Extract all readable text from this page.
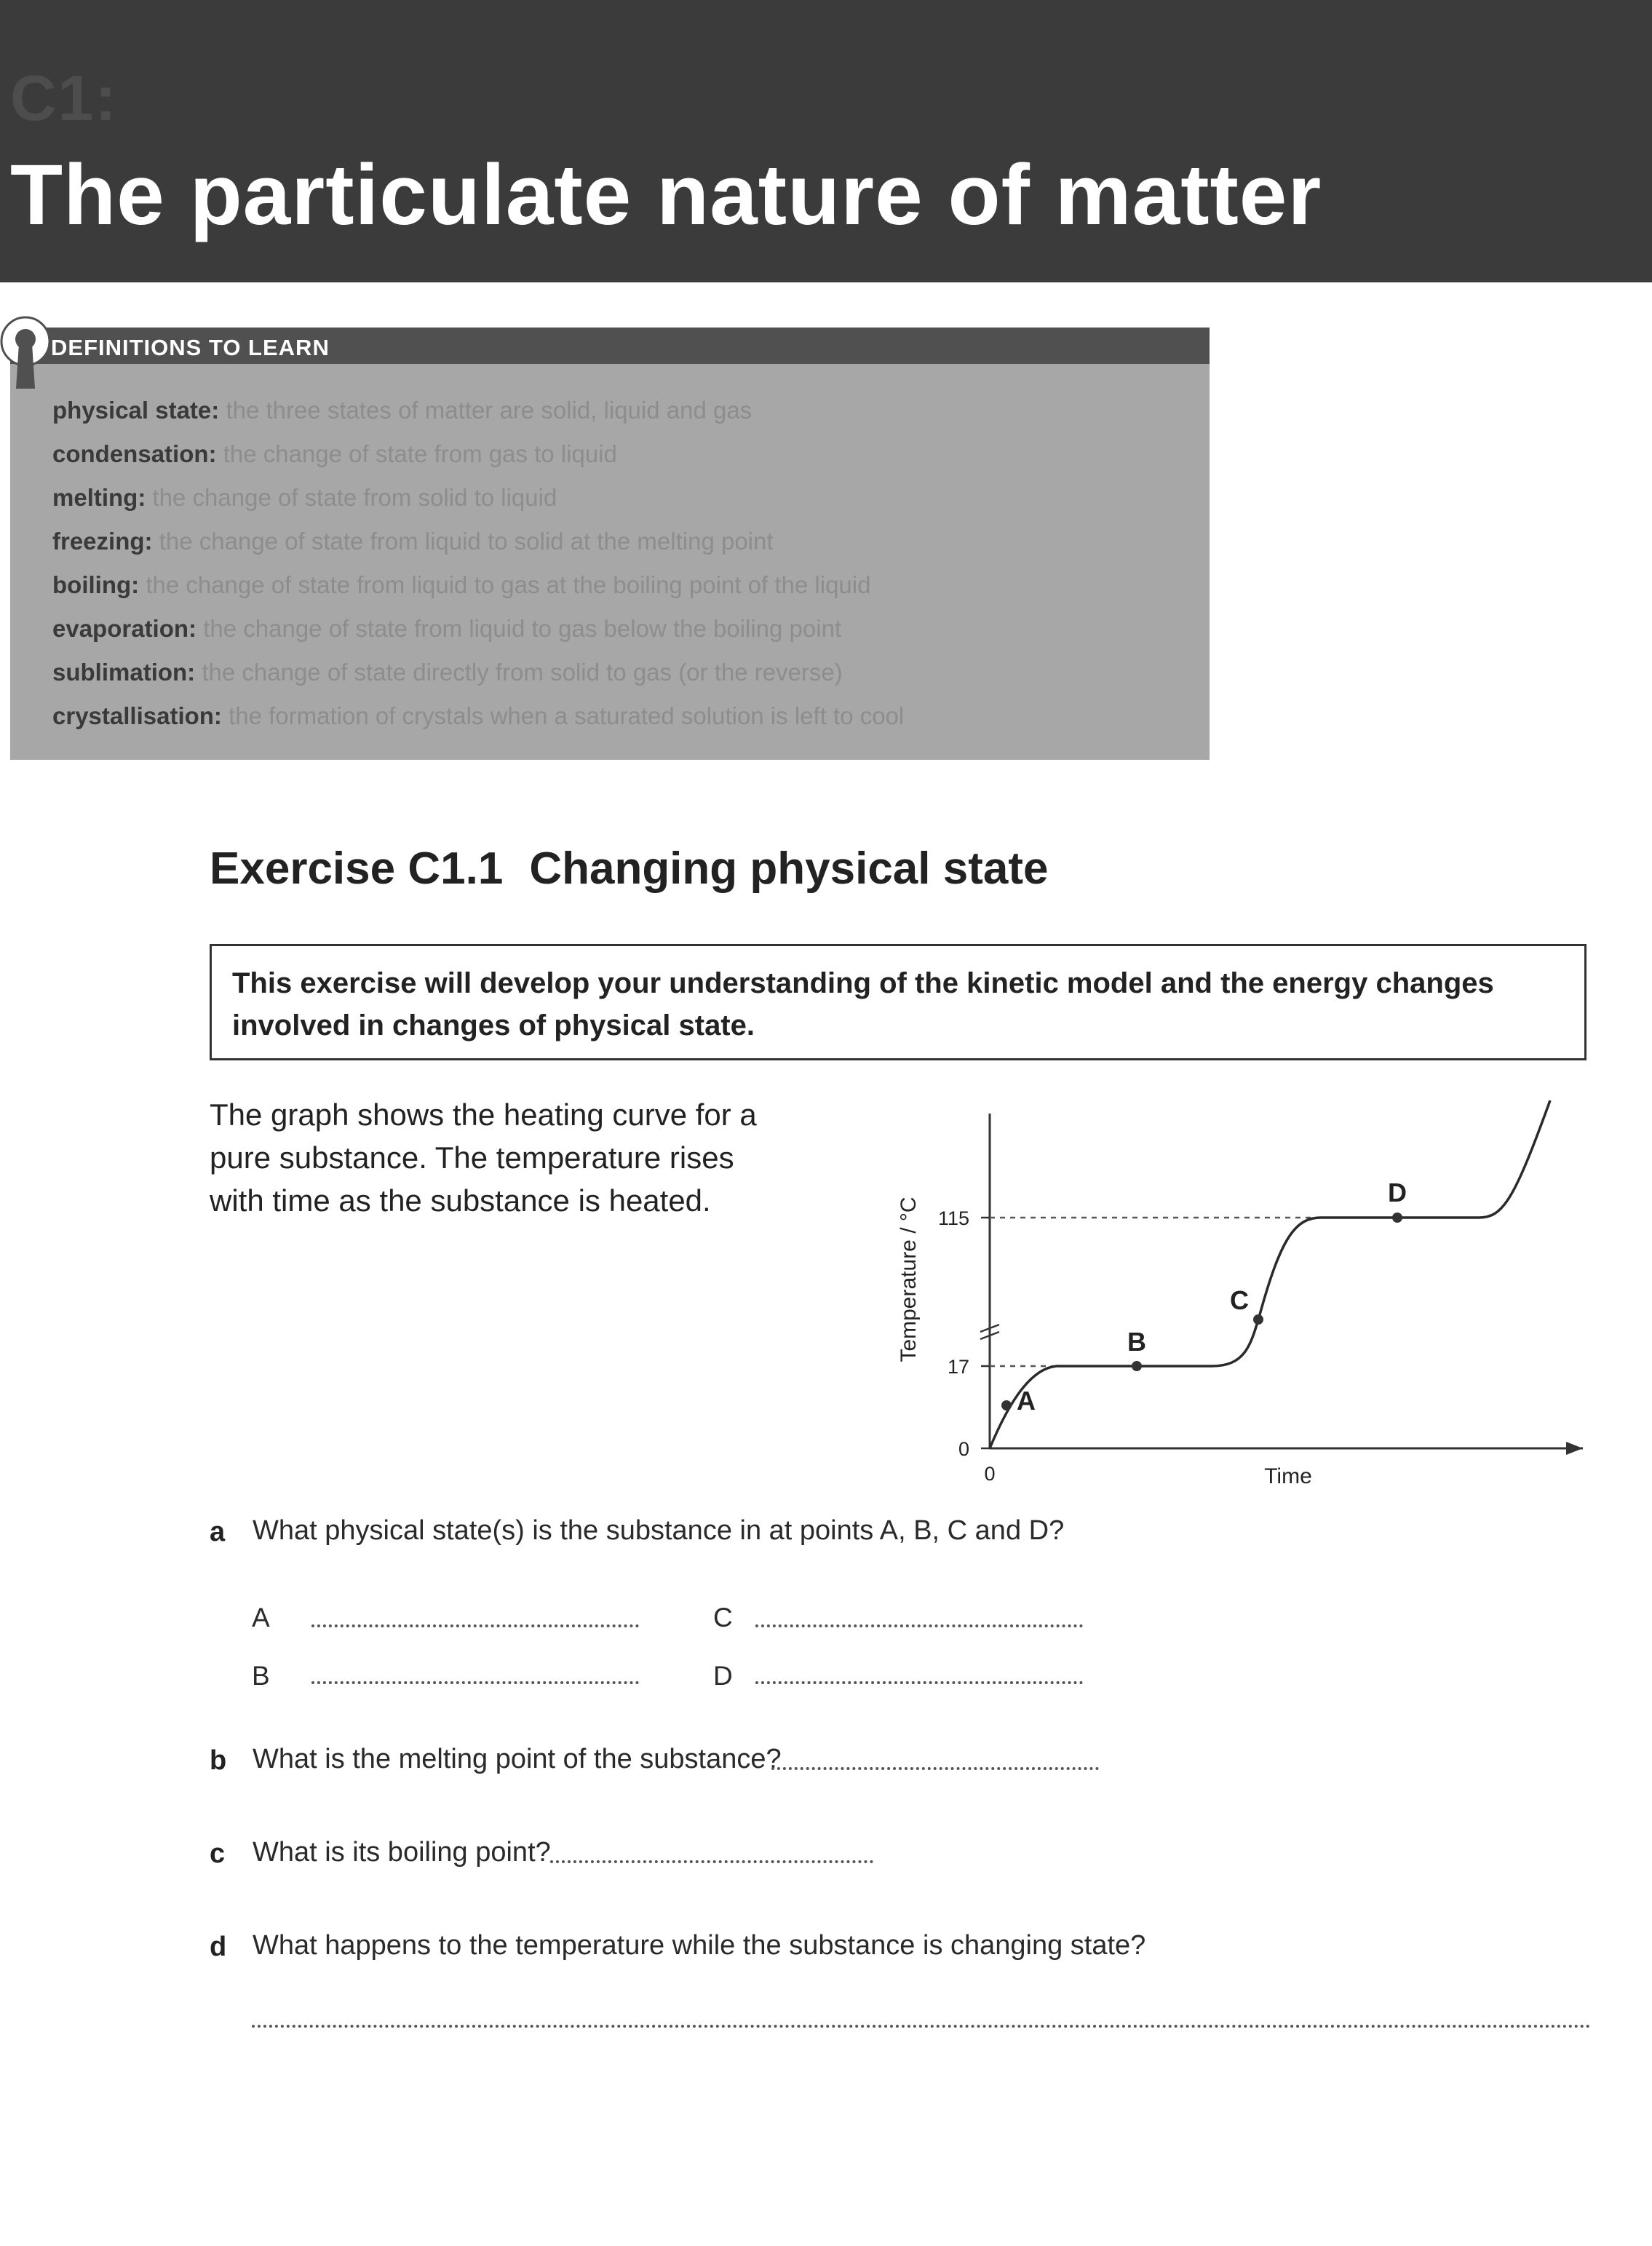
C1:
The particulate nature of matter
DEFINITIONS TO LEARN
physical state: the three states of matter are solid, liquid and gas
condensation: the change of state from gas to liquid
melting: the change of state from solid to liquid
freezing: the change of state from liquid to solid at the melting point
boiling: the change of state from liquid to gas at the boiling point of the liquid
evaporation: the change of state from liquid to gas below the boiling point
sublimation: the change of state directly from solid to gas (or the reverse)
crystallisation: the formation of crystals when a saturated solution is left to cool
Exercise C1.1 Changing physical state
This exercise will develop your understanding of the kinetic model and the energy changes involved in changes of physical state.
The graph shows the heating curve for a pure substance. The temperature rises with time as the substance is heated.
115
17
0
0	Time
Temperature / °C
A
B
C
D
a What physical state(s) is the substance in at points A, B, C and D?
A	C
B	D
b What is the melting point of the substance?
c What is its boiling point?
d What happens to the temperature while the substance is changing state?
